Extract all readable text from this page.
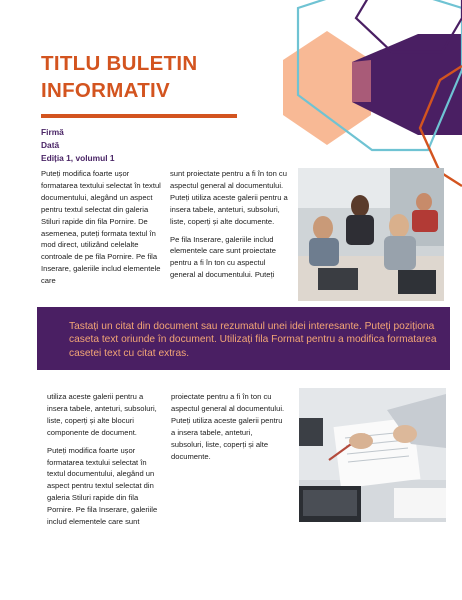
TITLU BULETIN
INFORMATIV
Firmă
Dată
Ediția 1, volumul 1

Puteți modifica foarte ușor formatarea textului selectat în textul documentului, alegând un aspect pentru textul selectat din galeria Stiluri rapide din fila Pornire. De asemenea, puteți formata textul în mod direct, utilizând celelalte controale de pe fila Pornire. Pe fila Inserare, galeriile includ elementele care

sunt proiectate pentru a fi în ton cu aspectul general al documentului. Puteți utiliza aceste galerii pentru a insera tabele, anteturi, subsoluri, liste, coperți și alte documente.

Pe fila Inserare, galeriile includ elementele care sunt proiectate pentru a fi în ton cu aspectul general al documentului. Puteți

Tastați un citat din document sau rezumatul unei idei interesante. Puteți poziționa caseta text oriunde în document. Utilizați fila Format pentru a modifica formatarea casetei text cu citat extras.

utiliza aceste galerii pentru a insera tabele, anteturi, subsoluri, liste, coperți și alte blocuri componente de document.

Puteți modifica foarte ușor formatarea textului selectat în textul documentului, alegând un aspect pentru textul selectat din galeria Stiluri rapide din fila Pornire. Pe fila Inserare, galeriile includ elementele care sunt

proiectate pentru a fi în ton cu aspectul general al documentului. Puteți utiliza aceste galerii pentru a insera tabele, anteturi, subsoluri, liste, coperți și alte documente.
